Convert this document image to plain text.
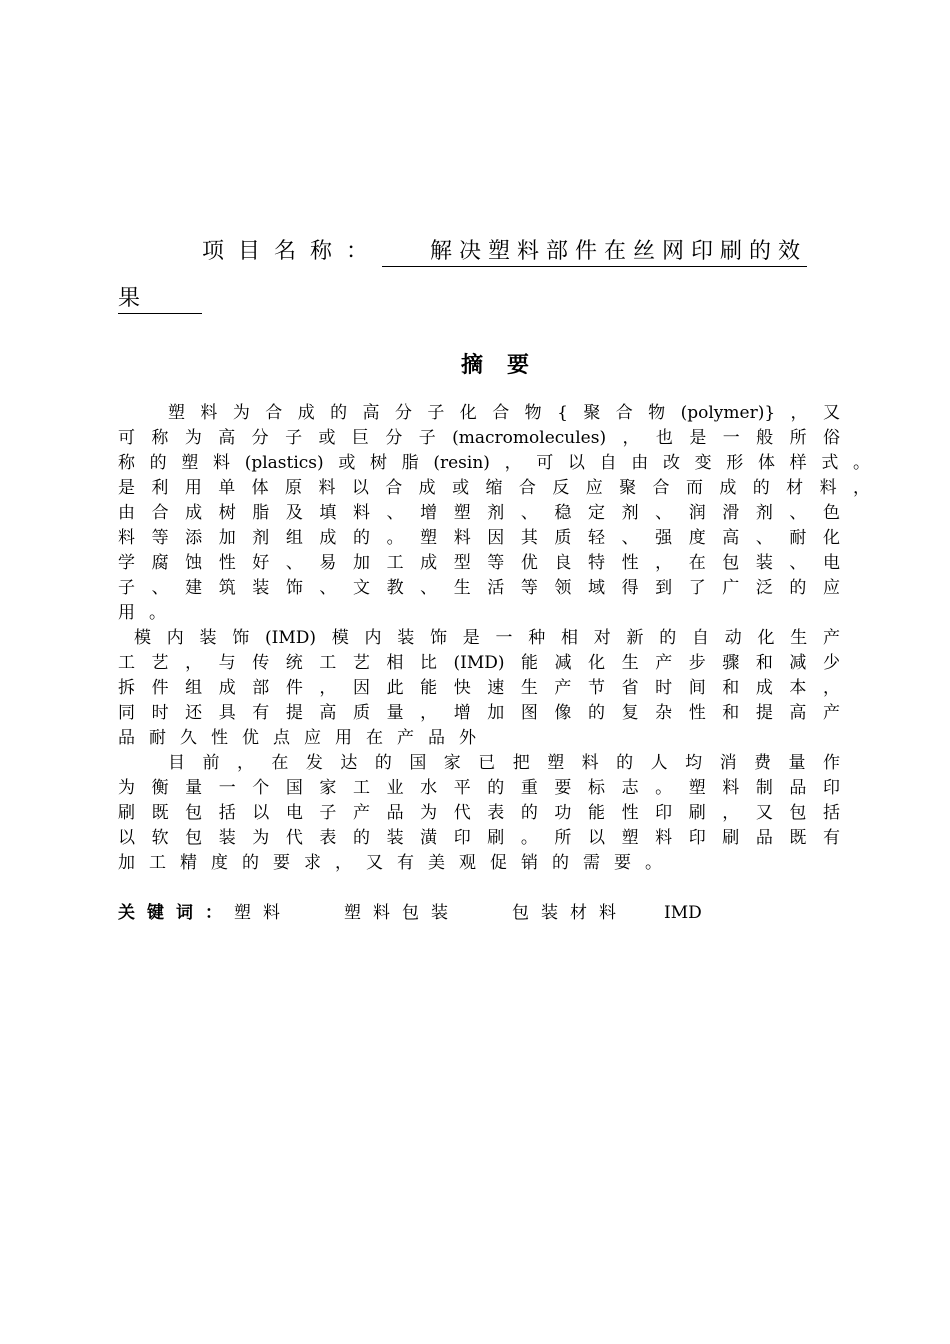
项目名称： 解决塑料部件在丝网印刷的效
果
摘要
塑料为合成的高分子化合物{聚合物(polymer)}，又
可称为高分子或巨分子(macromolecules)，也是一般所俗
称的塑料(plastics)或树脂(resin)，可以自由改变形体样式。
是利用单体原料以合成或缩合反应聚合而成的材料，
由合成树脂及填料、增塑剂、稳定剂、润滑剂、色
料等添加剂组成的。塑料因其质轻、强度高、耐化
学腐蚀性好、易加工成型等优良特性，在包装、电
子、建筑装饰、文教、生活等领域得到了广泛的应
用。
模内装饰(IMD)模内装饰是一种相对新的自动化生产
工艺，与传统工艺相比(IMD)能减化生产步骤和减少
拆件组成部件，因此能快速生产节省时间和成本，
同时还具有提高质量，增加图像的复杂性和提高产
品耐久性优点应用在产品外
目前，在发达的国家已把塑料的人均消费量作
为衡量一个国家工业水平的重要标志。塑料制品印
刷既包括以电子产品为代表的功能性印刷，又包括
以软包装为代表的装潢印刷。所以塑料印刷品既有
加工精度的要求，又有美观促销的需要。
关键词：塑料	塑料包装	包装材料 IMD
